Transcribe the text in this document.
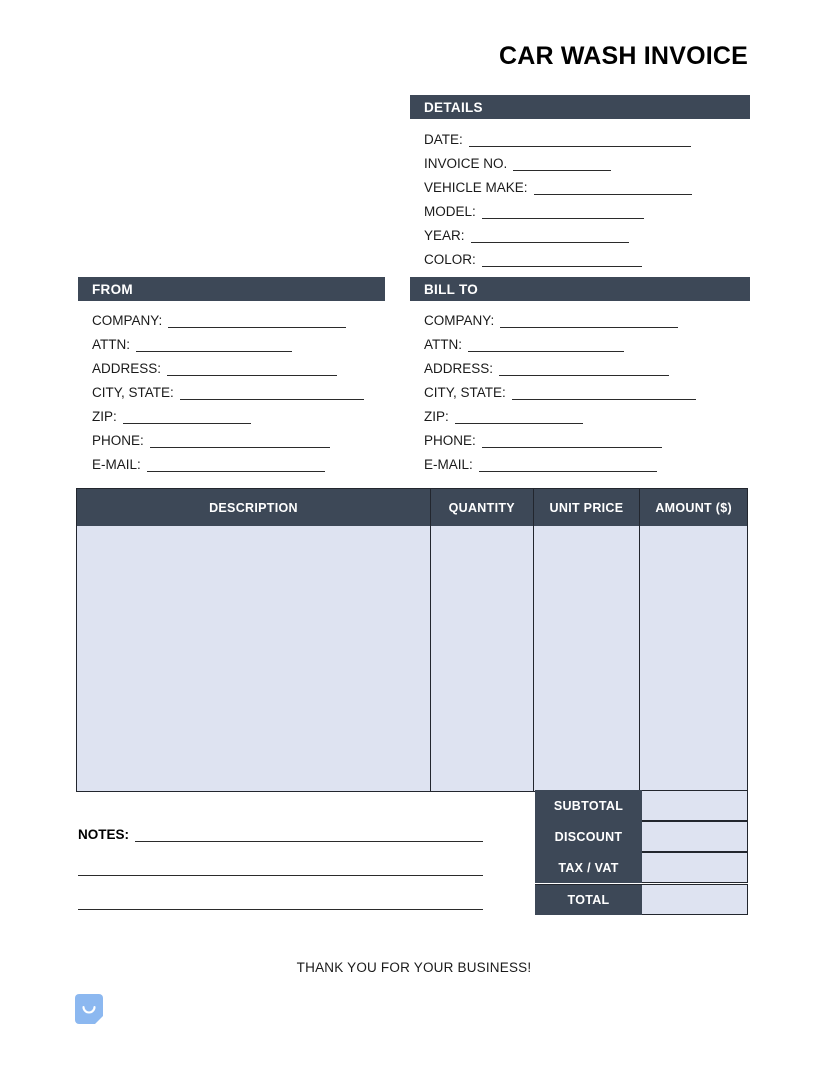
CAR WASH INVOICE
DETAILS
DATE:
INVOICE NO.
VEHICLE MAKE:
MODEL:
YEAR:
COLOR:
FROM
COMPANY:
ATTN:
ADDRESS:
CITY, STATE:
ZIP:
PHONE:
E-MAIL:
BILL TO
COMPANY:
ATTN:
ADDRESS:
CITY, STATE:
ZIP:
PHONE:
E-MAIL:
DESCRIPTION	QUANTITY	UNIT PRICE	AMOUNT ($)
SUBTOTAL
DISCOUNT
TAX / VAT
TOTAL
NOTES:
THANK YOU FOR YOUR BUSINESS!
